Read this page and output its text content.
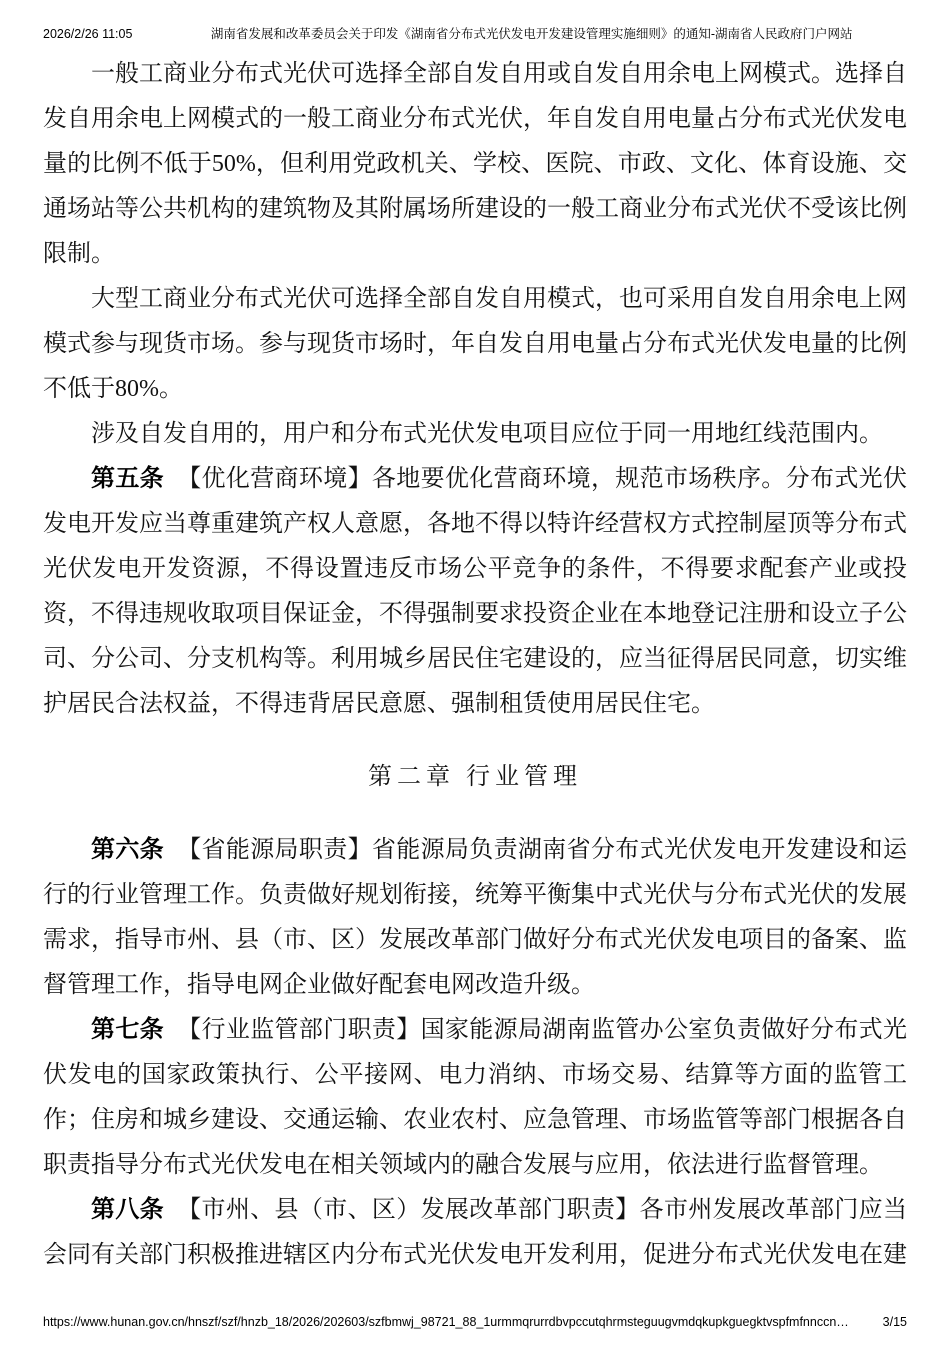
2026/2/26 11:05	湖南省发展和改革委员会关于印发《湖南省分布式光伏发电开发建设管理实施细则》的通知-湖南省人民政府门户网站

一般工商业分布式光伏可选择全部自发自用或自发自用余电上网模式。选择自发自用余电上网模式的一般工商业分布式光伏，年自发自用电量占分布式光伏发电量的比例不低于50%，但利用党政机关、学校、医院、市政、文化、体育设施、交通场站等公共机构的建筑物及其附属场所建设的一般工商业分布式光伏不受该比例限制。

大型工商业分布式光伏可选择全部自发自用模式，也可采用自发自用余电上网模式参与现货市场。参与现货市场时，年自发自用电量占分布式光伏发电量的比例不低于80%。

涉及自发自用的，用户和分布式光伏发电项目应位于同一用地红线范围内。

第五条 【优化营商环境】各地要优化营商环境，规范市场秩序。分布式光伏发电开发应当尊重建筑产权人意愿，各地不得以特许经营权方式控制屋顶等分布式光伏发电开发资源，不得设置违反市场公平竞争的条件，不得要求配套产业或投资，不得违规收取项目保证金，不得强制要求投资企业在本地登记注册和设立子公司、分公司、分支机构等。利用城乡居民住宅建设的，应当征得居民同意，切实维护居民合法权益，不得违背居民意愿、强制租赁使用居民住宅。

第二章 行业管理

第六条 【省能源局职责】省能源局负责湖南省分布式光伏发电开发建设和运行的行业管理工作。负责做好规划衔接，统筹平衡集中式光伏与分布式光伏的发展需求，指导市州、县（市、区）发展改革部门做好分布式光伏发电项目的备案、监督管理工作，指导电网企业做好配套电网改造升级。

第七条 【行业监管部门职责】国家能源局湖南监管办公室负责做好分布式光伏发电的国家政策执行、公平接网、电力消纳、市场交易、结算等方面的监管工作；住房和城乡建设、交通运输、农业农村、应急管理、市场监管等部门根据各自职责指导分布式光伏发电在相关领域内的融合发展与应用，依法进行监督管理。

第八条 【市州、县（市、区）发展改革部门职责】各市州发展改革部门应当会同有关部门积极推进辖区内分布式光伏发电开发利用，促进分布式光伏发电在建

https://www.hunan.gov.cn/hnszf/szf/hnzb_18/2026/202603/szfbmwj_98721_88_1urmmqrurrdbvpccutqhrmsteguugvmdqkupkguegktvspfmfnnccn…	3/15
